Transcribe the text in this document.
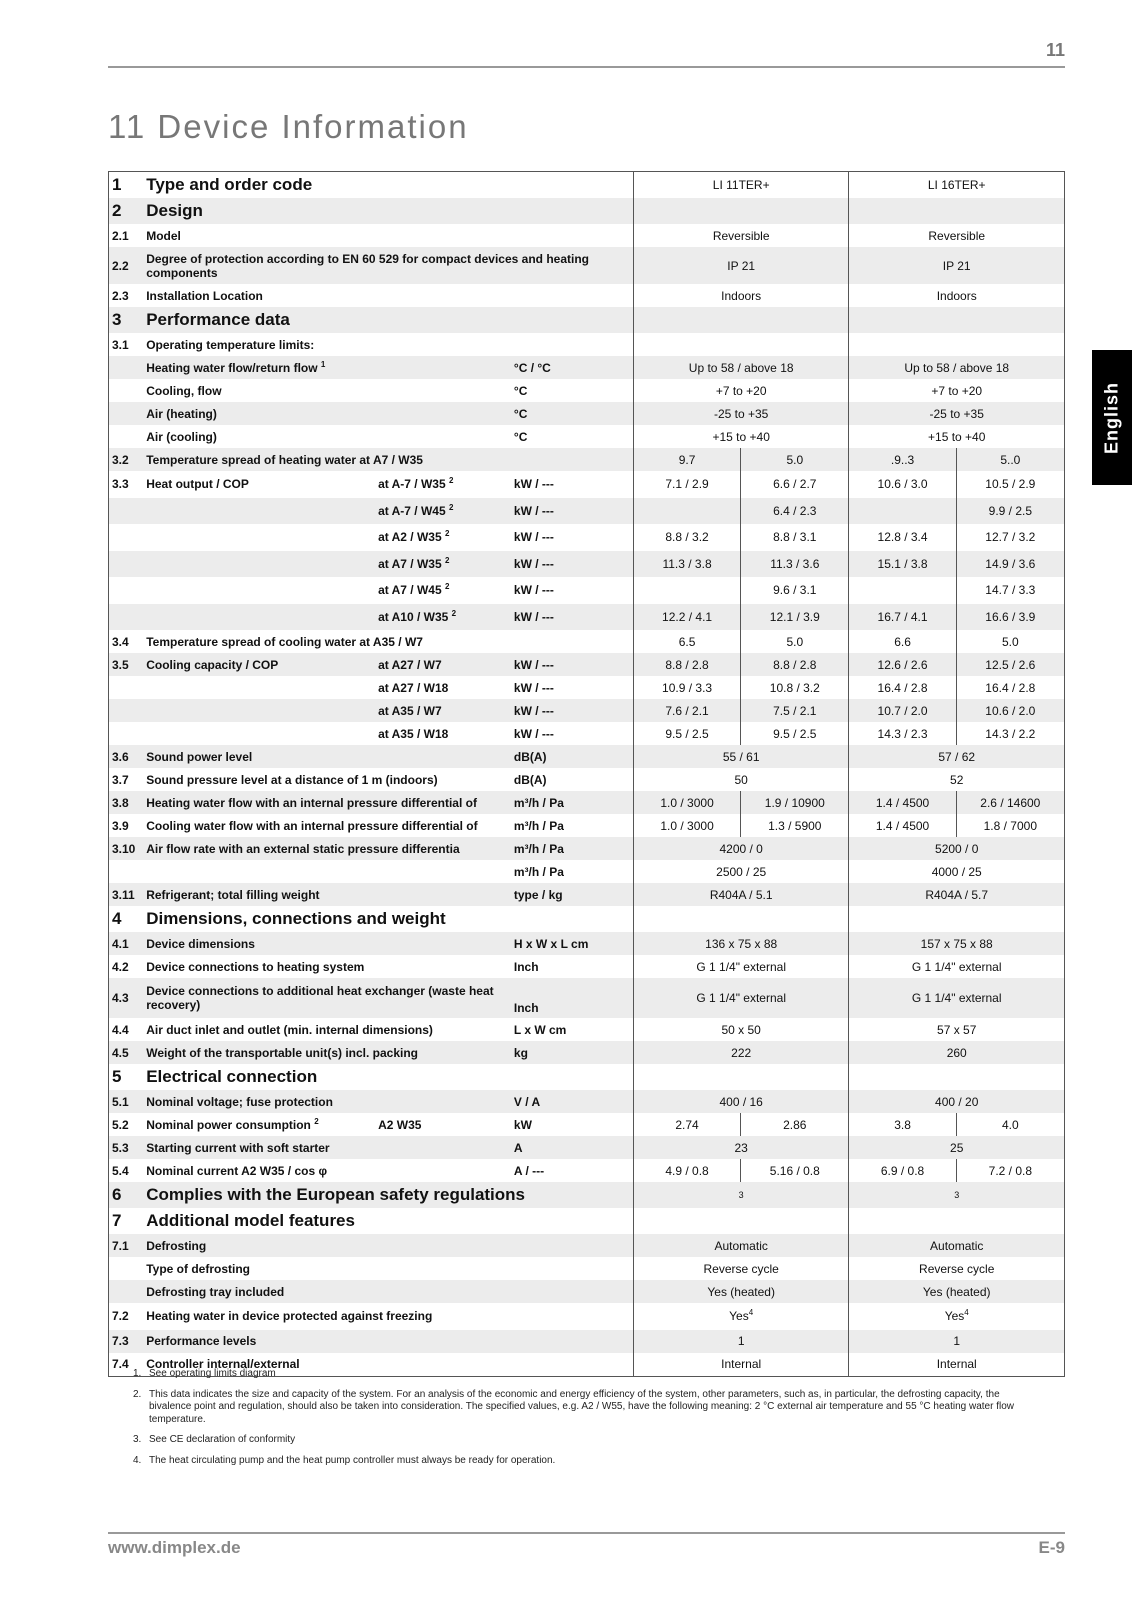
11
11 Device Information
English
1	Type and order code			LI 11TER+		LI 16TER+	
2	Design						
2.1	Model			Reversible		Reversible	
2.2	Degree of protection according to EN 60 529 for compact devices and heating components			IP 21		IP 21	
2.3	Installation Location			Indoors		Indoors	
3	Performance data						
3.1	Operating temperature limits:						
	Heating water flow/return flow $^1$		°C / °C	Up to 58 / above 18		Up to 58 / above 18	
	Cooling, flow		°C	+7 to +20		+7 to +20	
	Air (heating)		°C	-25 to +35		-25 to +35	
	Air (cooling)		°C	+15 to +40		+15 to +40	
3.2	Temperature spread of heating water at A7 / W35			9.7	5.0	.9..3	5..0
3.3	Heat output / COP	at A-7 / W35 $^2$	kW / ---	7.1 / 2.9	6.6 / 2.7	10.6 / 3.0	10.5 / 2.9
		at A-7 / W45 $^2$	kW / ---		6.4 / 2.3		9.9 / 2.5
		at A2 / W35 $^2$	kW / ---	8.8 / 3.2	8.8 / 3.1	12.8 / 3.4	12.7 / 3.2
		at A7 / W35 $^2$	kW / ---	11.3 / 3.8	11.3 / 3.6	15.1 / 3.8	14.9 / 3.6
		at A7 / W45 $^2$	kW / ---		9.6 / 3.1		14.7 / 3.3
		at A10 / W35 $^2$	kW / ---	12.2 / 4.1	12.1 / 3.9	16.7 / 4.1	16.6 / 3.9
3.4	Temperature spread of cooling water at A35 / W7			6.5	5.0	6.6	5.0
3.5	Cooling capacity / COP	at A27 / W7	kW / ---	8.8 / 2.8	8.8 / 2.8	12.6 / 2.6	12.5 / 2.6
		at A27 / W18	kW / ---	10.9 / 3.3	10.8 / 3.2	16.4 / 2.8	16.4 / 2.8
		at A35 / W7	kW / ---	7.6 / 2.1	7.5 / 2.1	10.7 / 2.0	10.6 / 2.0
		at A35 / W18	kW / ---	9.5 / 2.5	9.5 / 2.5	14.3 / 2.3	14.3 / 2.2
3.6	Sound power level		dB(A)	55 / 61		57 / 62	
3.7	Sound pressure level at a distance of 1 m (indoors)		dB(A)	50		52	
3.8	Heating water flow with an internal pressure differential of		m³/h / Pa	1.0 / 3000	1.9 / 10900	1.4 / 4500	2.6 / 14600
3.9	Cooling water flow with an internal pressure differential of		m³/h / Pa	1.0 / 3000	1.3 / 5900	1.4 / 4500	1.8 / 7000
3.10	Air flow rate with an external static pressure differentia		m³/h / Pa	4200 / 0		5200 / 0	
			m³/h / Pa	2500 / 25		4000 / 25	
3.11	Refrigerant; total filling weight		type / kg	R404A / 5.1		R404A / 5.7	
4	Dimensions, connections and weight						
4.1	Device dimensions		H x W x L cm	136 x 75 x 88		157 x 75 x 88	
4.2	Device connections to heating system		Inch	G 1 1/4" external		G 1 1/4" external	
4.3	Device connections to additional heat exchanger (waste heat recovery)		Inch	G 1 1/4" external		G 1 1/4" external	
4.4	Air duct inlet and outlet (min. internal dimensions)		L x W cm	50 x 50		57 x 57	
4.5	Weight of the transportable unit(s) incl. packing		kg	222		260	
5	Electrical connection						
5.1	Nominal voltage; fuse protection		V / A	400 / 16		400 / 20	
5.2	Nominal power consumption $^2$	A2 W35	kW	2.74	2.86	3.8	4.0
5.3	Starting current with soft starter		A	23		25	
5.4	Nominal current A2 W35 / cos φ		A / ---	4.9 / 0.8	5.16 / 0.8	6.9 / 0.8	7.2 / 0.8
6	Complies with the European safety regulations			3		3	
7	Additional model features						
7.1	Defrosting			Automatic		Automatic	
	Type of defrosting			Reverse cycle		Reverse cycle	
	Defrosting tray included			Yes (heated)		Yes (heated)	
7.2	Heating water in device protected against freezing			Yes$^4$		Yes$^4$
7.3	Performance levels			1		1	
7.4	Controller internal/external			Internal		Internal	
1. See operating limits diagram
2. This data indicates the size and capacity of the system. For an analysis of the economic and energy efficiency of the system, other parameters, such as, in particular, the defrosting capacity, the bivalence point and regulation, should also be taken into consideration. The specified values, e.g. A2 / W55, have the following meaning: 2 °C external air temperature and 55 °C heating water flow temperature.
3. See CE declaration of conformity
4. The heat circulating pump and the heat pump controller must always be ready for operation.
www.dimplex.de	E-9
